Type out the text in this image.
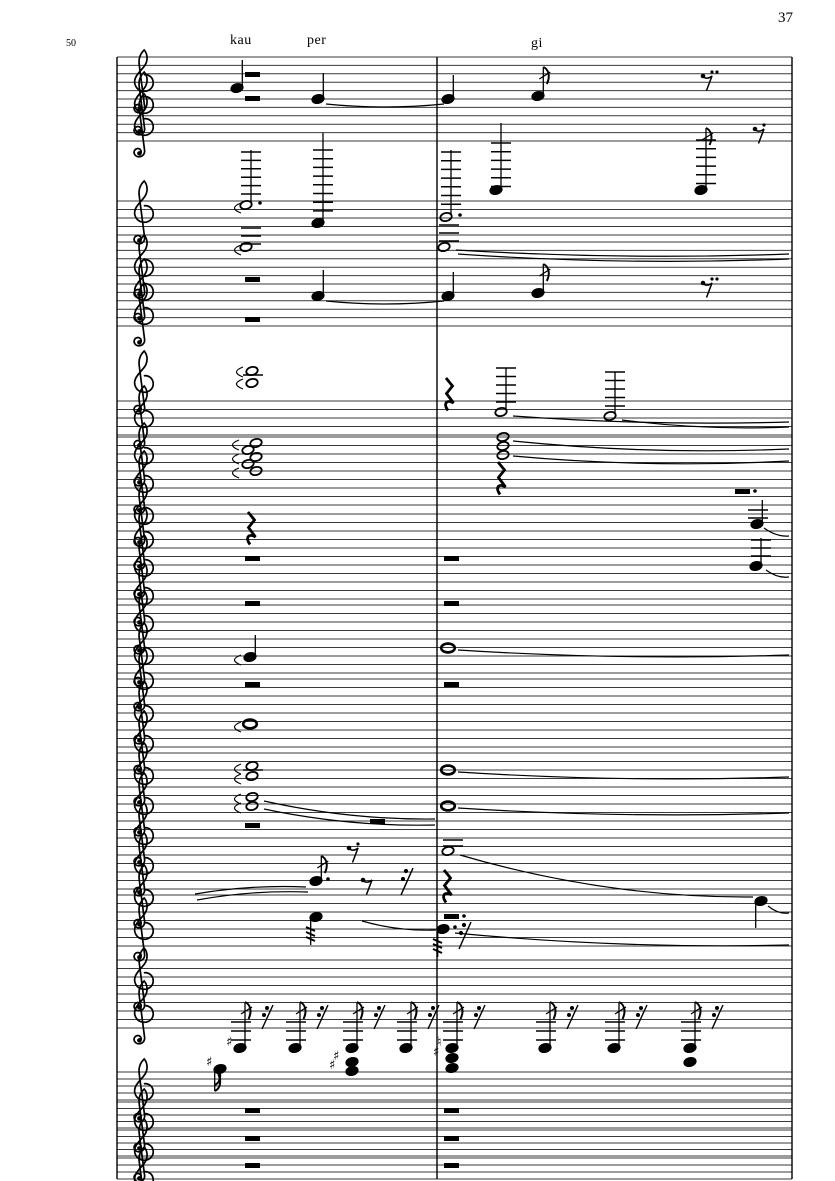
37
50	kau	per	gi
♯
♯
♯
♮
♯
♯
